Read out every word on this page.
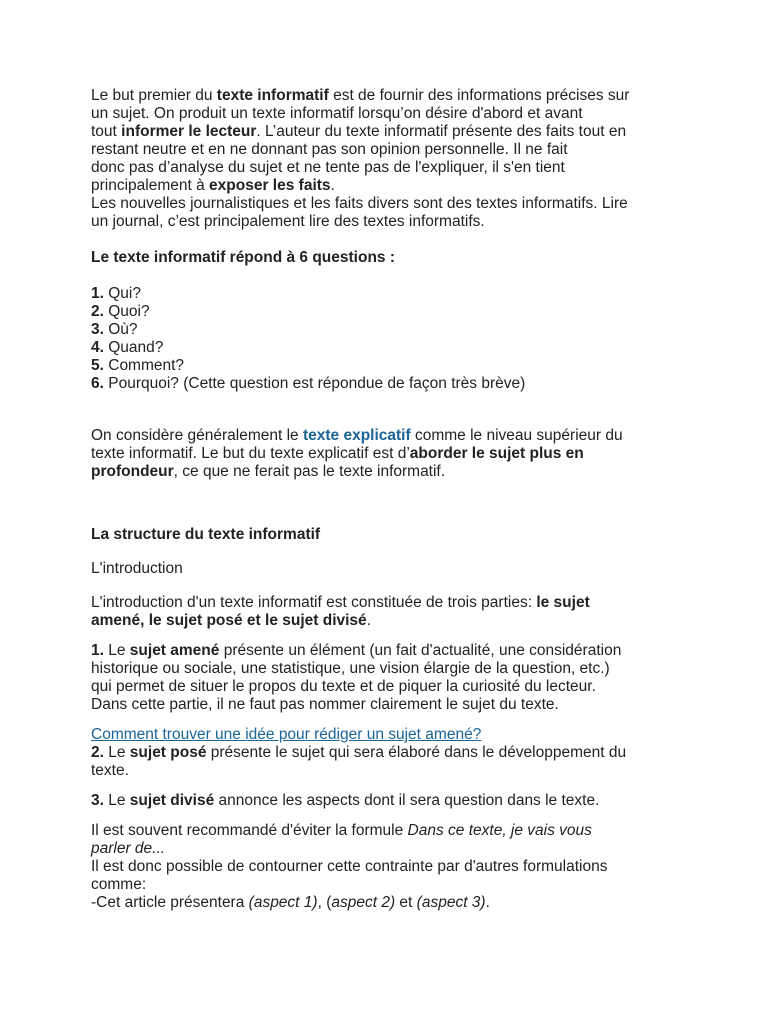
Le but premier du texte informatif est de fournir des informations précises sur
un sujet. On produit un texte informatif lorsqu’on désire d'abord et avant
tout informer le lecteur. L’auteur du texte informatif présente des faits tout en
restant neutre et en ne donnant pas son opinion personnelle. Il ne fait
donc pas d’analyse du sujet et ne tente pas de l'expliquer, il s'en tient
principalement à exposer les faits.
Les nouvelles journalistiques et les faits divers sont des textes informatifs. Lire
un journal, c’est principalement lire des textes informatifs.
Le texte informatif répond à 6 questions :
1. Qui?
2. Quoi?
3. Où?
4. Quand?
5. Comment?
6. Pourquoi? (Cette question est répondue de façon très brève)
On considère généralement le texte explicatif comme le niveau supérieur du
texte informatif. Le but du texte explicatif est d’aborder le sujet plus en
profondeur, ce que ne ferait pas le texte informatif.
La structure du texte informatif
L'introduction
L'introduction d'un texte informatif est constituée de trois parties: le sujet
amené, le sujet posé et le sujet divisé.
1. Le sujet amené présente un élément (un fait d'actualité, une considération
historique ou sociale, une statistique, une vision élargie de la question, etc.)
qui permet de situer le propos du texte et de piquer la curiosité du lecteur.
Dans cette partie, il ne faut pas nommer clairement le sujet du texte.
Comment trouver une idée pour rédiger un sujet amené?
2. Le sujet posé présente le sujet qui sera élaboré dans le développement du
texte.
3. Le sujet divisé annonce les aspects dont il sera question dans le texte.
Il est souvent recommandé d'éviter la formule Dans ce texte, je vais vous
parler de...
Il est donc possible de contourner cette contrainte par d'autres formulations
comme:
-Cet article présentera (aspect 1), (aspect 2) et (aspect 3).
